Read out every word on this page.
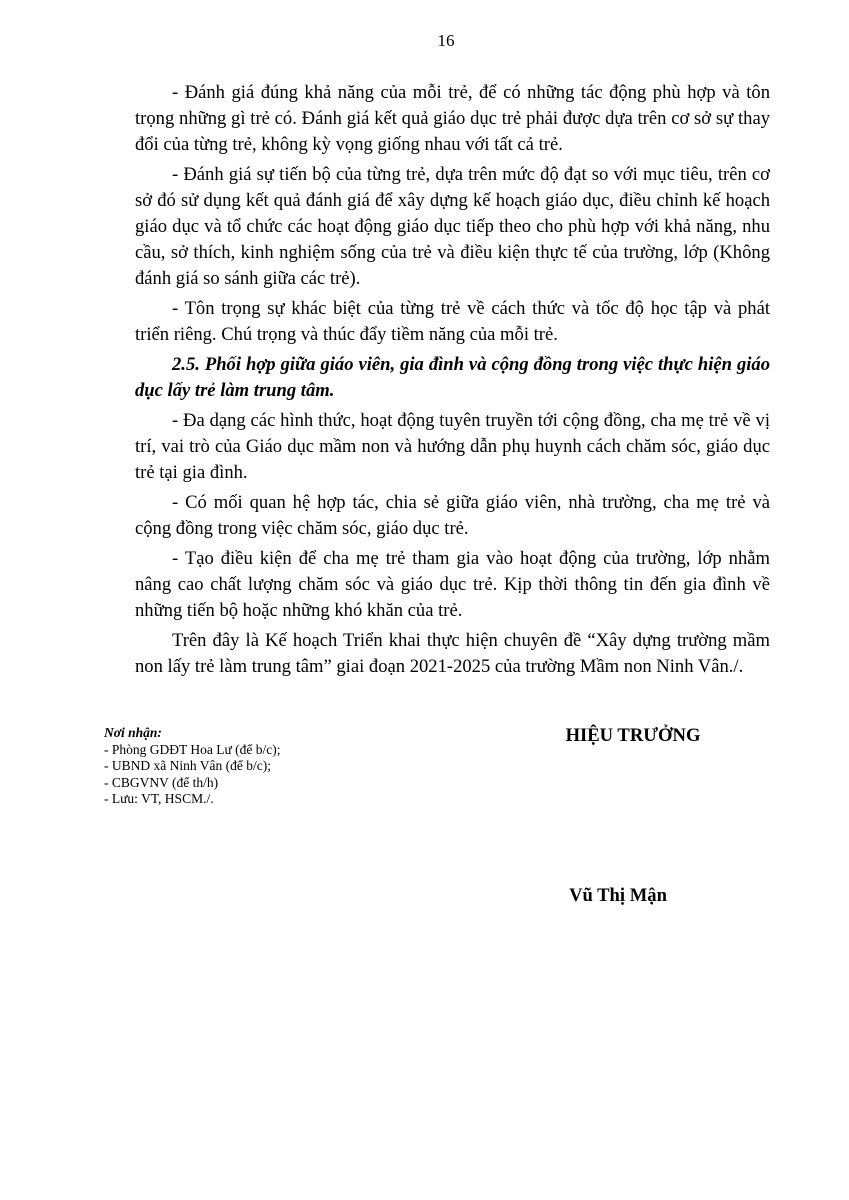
16

- Đánh giá đúng khả năng của mỗi trẻ, để có những tác động phù hợp và tôn trọng những gì trẻ có. Đánh giá kết quả giáo dục trẻ phải được dựa trên cơ sở sự thay đổi của từng trẻ, không kỳ vọng giống nhau với tất cả trẻ.

- Đánh giá sự tiến bộ của từng trẻ, dựa trên mức độ đạt so với mục tiêu, trên cơ sở đó sử dụng kết quả đánh giá để xây dựng kế hoạch giáo dục, điều chỉnh kế hoạch giáo dục và tổ chức các hoạt động giáo dục tiếp theo cho phù hợp với khả năng, nhu cầu, sở thích, kinh nghiệm sống của trẻ và điều kiện thực tế của trường, lớp (Không đánh giá so sánh giữa các trẻ).

- Tôn trọng sự khác biệt của từng trẻ về cách thức và tốc độ học tập và phát triển riêng. Chú trọng và thúc đẩy tiềm năng của mỗi trẻ.

2.5. Phối hợp giữa giáo viên, gia đình và cộng đồng trong việc thực hiện giáo dục lấy trẻ làm trung tâm.

- Đa dạng các hình thức, hoạt động tuyên truyền tới cộng đồng, cha mẹ trẻ về vị trí, vai trò của Giáo dục mầm non và hướng dẫn phụ huynh cách chăm sóc, giáo dục trẻ tại gia đình.

- Có mối quan hệ hợp tác, chia sẻ giữa giáo viên, nhà trường, cha mẹ trẻ và cộng đồng trong việc chăm sóc, giáo dục trẻ.

- Tạo điều kiện để cha mẹ trẻ tham gia vào hoạt động của trường, lớp nhằm nâng cao chất lượng chăm sóc và giáo dục trẻ. Kịp thời thông tin đến gia đình về những tiến bộ hoặc những khó khăn của trẻ.

Trên đây là Kế hoạch Triển khai thực hiện chuyên đề “Xây dựng trường mầm non lấy trẻ làm trung tâm” giai đoạn 2021-2025 của trường Mầm non Ninh Vân./.

Nơi nhận:
- Phòng GDĐT Hoa Lư (để b/c);
- UBND xã Ninh Vân (để b/c);
- CBGVNV (để th/h)
- Lưu: VT, HSCM./.
HIỆU TRƯỞNG
Vũ Thị Mận
